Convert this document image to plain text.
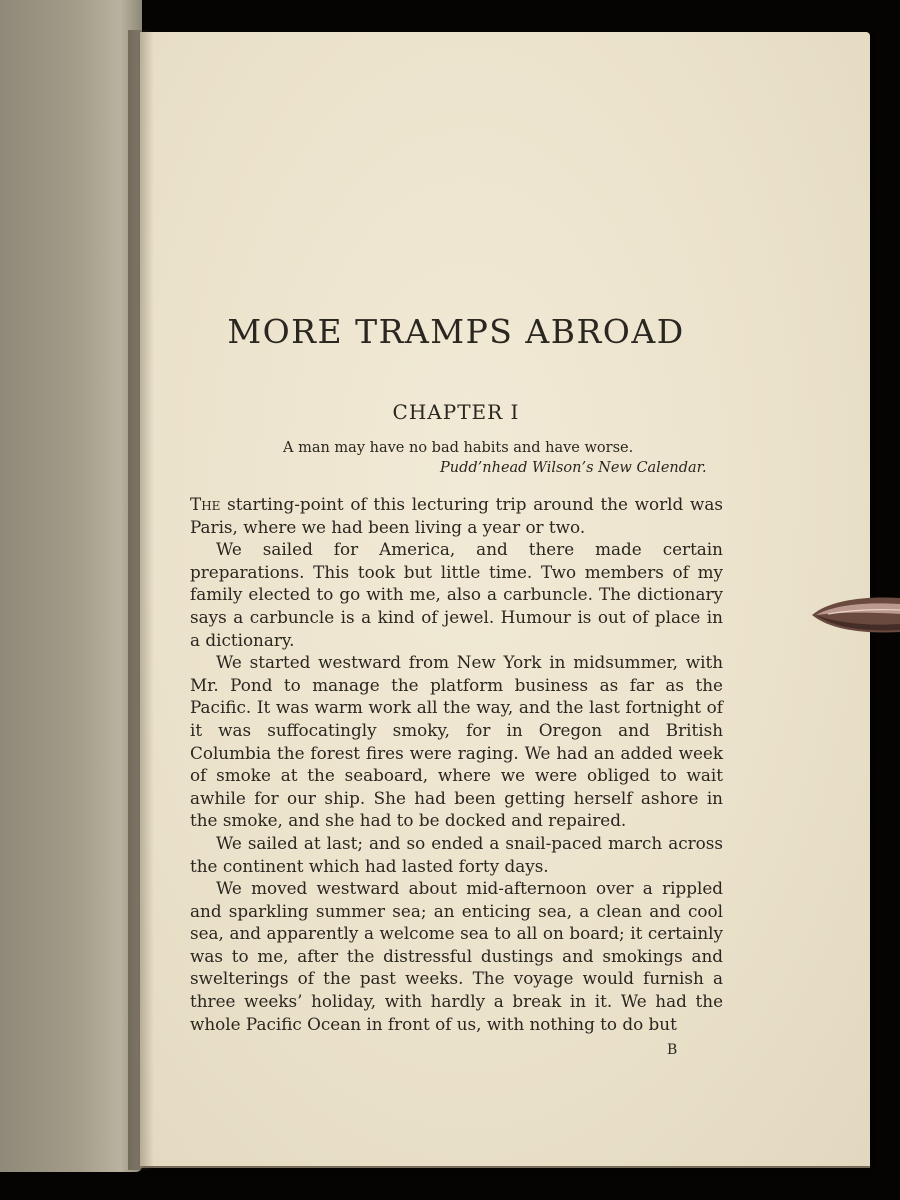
MORE TRAMPS ABROAD
CHAPTER I
A man may have no bad habits and have worse.
Pudd’nhead Wilson’s New Calendar.

The starting-point of this lecturing trip around the world was Paris, where we had been living a year or two.

We sailed for America, and there made certain preparations. This took but little time. Two members of my family elected to go with me, also a carbuncle. The dictionary says a carbuncle is a kind of jewel. Humour is out of place in a dictionary.

We started westward from New York in midsummer, with Mr. Pond to manage the platform business as far as the Pacific. It was warm work all the way, and the last fortnight of it was suffocatingly smoky, for in Oregon and British Columbia the forest fires were raging. We had an added week of smoke at the seaboard, where we were obliged to wait awhile for our ship. She had been getting herself ashore in the smoke, and she had to be docked and repaired.

We sailed at last; and so ended a snail-paced march across the continent which had lasted forty days.

We moved westward about mid-afternoon over a rippled and sparkling summer sea; an enticing sea, a clean and cool sea, and apparently a welcome sea to all on board; it certainly was to me, after the distressful dustings and smokings and swelterings of the past weeks. The voyage would furnish a three weeks’ holiday, with hardly a break in it. We had the whole Pacific Ocean in front of us, with nothing to do but

B
